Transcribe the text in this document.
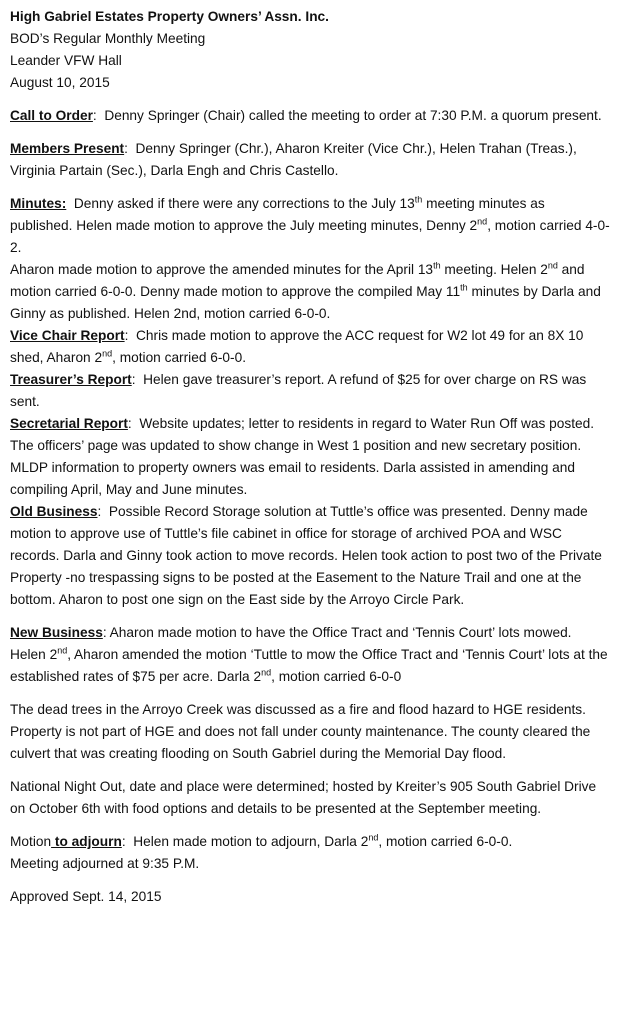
High Gabriel Estates Property Owners’ Assn. Inc.
BOD’s Regular Monthly Meeting
Leander VFW Hall
August 10, 2015

Call to Order:  Denny Springer (Chair) called the meeting to order at 7:30 P.M. a quorum present.

Members Present:  Denny Springer (Chr.), Aharon Kreiter (Vice Chr.), Helen Trahan (Treas.), Virginia Partain (Sec.), Darla Engh and Chris Castello.

Minutes: Denny asked if there were any corrections to the July 13th meeting minutes as published. Helen made motion to approve the July meeting minutes, Denny 2nd, motion carried 4-0-2.

Aharon made motion to approve the amended minutes for the April 13th meeting. Helen 2nd and motion carried 6-0-0. Denny made motion to approve the compiled May 11th minutes by Darla and Ginny as published. Helen 2nd, motion carried 6-0-0.

Vice Chair Report:  Chris made motion to approve the ACC request for W2 lot 49 for an 8X 10 shed, Aharon 2nd, motion carried 6-0-0.

Treasurer’s Report:  Helen gave treasurer’s report. A refund of $25 for over charge on RS was sent.

Secretarial Report:  Website updates; letter to residents in regard to Water Run Off was posted. The officers’ page was updated to show change in West 1 position and new secretary position. MLDP information to property owners was email to residents. Darla assisted in amending and compiling April, May and June minutes.

Old Business:  Possible Record Storage solution at Tuttle’s office was presented. Denny made motion to approve use of Tuttle’s file cabinet in office for storage of archived POA and WSC records. Darla and Ginny took action to move records. Helen took action to post two of the Private Property -no trespassing signs to be posted at the Easement to the Nature Trail and one at the bottom. Aharon to post one sign on the East side by the Arroyo Circle Park.

New Business: Aharon made motion to have the Office Tract and ‘Tennis Court’ lots mowed. Helen 2nd, Aharon amended the motion ‘Tuttle to mow the Office Tract and ‘Tennis Court’ lots at the established rates of $75 per acre. Darla 2nd, motion carried 6-0-0

The dead trees in the Arroyo Creek was discussed as a fire and flood hazard to HGE residents. Property is not part of HGE and does not fall under county maintenance. The county cleared the culvert that was creating flooding on South Gabriel during the Memorial Day flood.

National Night Out, date and place were determined; hosted by Kreiter’s 905 South Gabriel Drive on October 6th with food options and details to be presented at the September meeting.

Motion to adjourn:  Helen made motion to adjourn, Darla 2nd, motion carried 6-0-0.

Meeting adjourned at 9:35 P.M.

Approved Sept. 14, 2015
